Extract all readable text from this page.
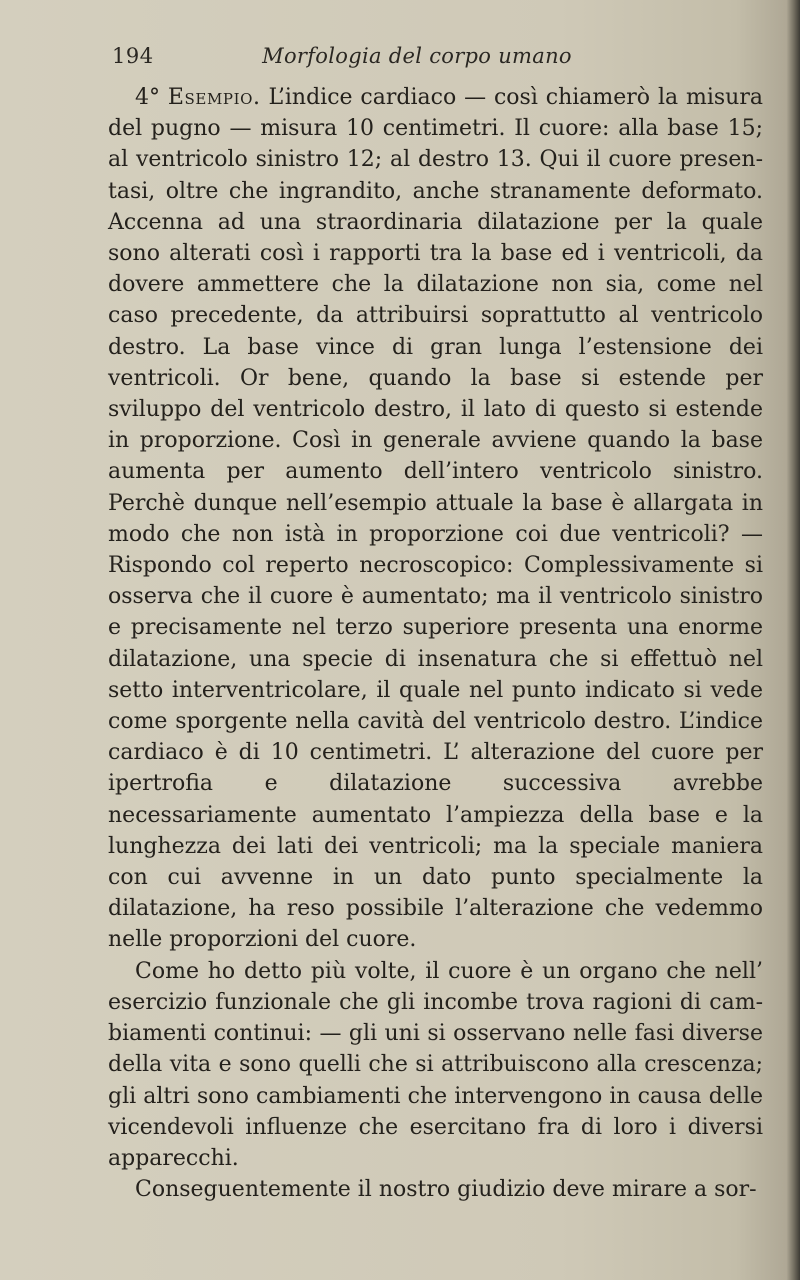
194	Morfologia del corpo umano

4° Esempio. L’indice cardiaco — così chiamerò la misura del pugno — misura 10 centimetri. Il cuore: alla base 15; al ventricolo sinistro 12; al destro 13. Qui il cuore presentasi, oltre che ingrandito, anche stranamente deformato. Accenna ad una straordinaria dilatazione per la quale sono alterati così i rapporti tra la base ed i ventricoli, da dovere ammettere che la dilatazione non sia, come nel caso precedente, da attribuirsi soprattutto al ventricolo destro. La base vince di gran lunga l’estensione dei ventricoli. Or bene, quando la base si estende per sviluppo del ventricolo destro, il lato di questo si estende in proporzione. Così in generale avviene quando la base aumenta per aumento dell’intero ventricolo sinistro. Perchè dunque nell’esempio attuale la base è allargata in modo che non istà in proporzione coi due ventricoli? — Rispondo col reperto necroscopico: Complessivamente si osserva che il cuore è aumentato; ma il ventricolo sinistro e precisamente nel terzo superiore presenta una enorme dilatazione, una specie di insenatura che si effettuò nel setto interventricolare, il quale nel punto indicato si vede come sporgente nella cavità del ventricolo destro. L’indice cardiaco è di 10 centimetri. L’ alterazione del cuore per ipertrofia e dilatazione successiva avrebbe necessariamente aumentato l’ampiezza della base e la lunghezza dei lati dei ventricoli; ma la speciale maniera con cui avvenne in un dato punto specialmente la dilatazione, ha reso possibile l’alterazione che vedemmo nelle proporzioni del cuore.

Come ho detto più volte, il cuore è un organo che nell’ esercizio funzionale che gli incombe trova ragioni di cambiamenti continui: — gli uni si osservano nelle fasi diverse della vita e sono quelli che si attribuiscono alla crescenza; gli altri sono cambiamenti che intervengono in causa delle vicendevoli influenze che esercitano fra di loro i diversi apparecchi.

Conseguentemente il nostro giudizio deve mirare a sor-
